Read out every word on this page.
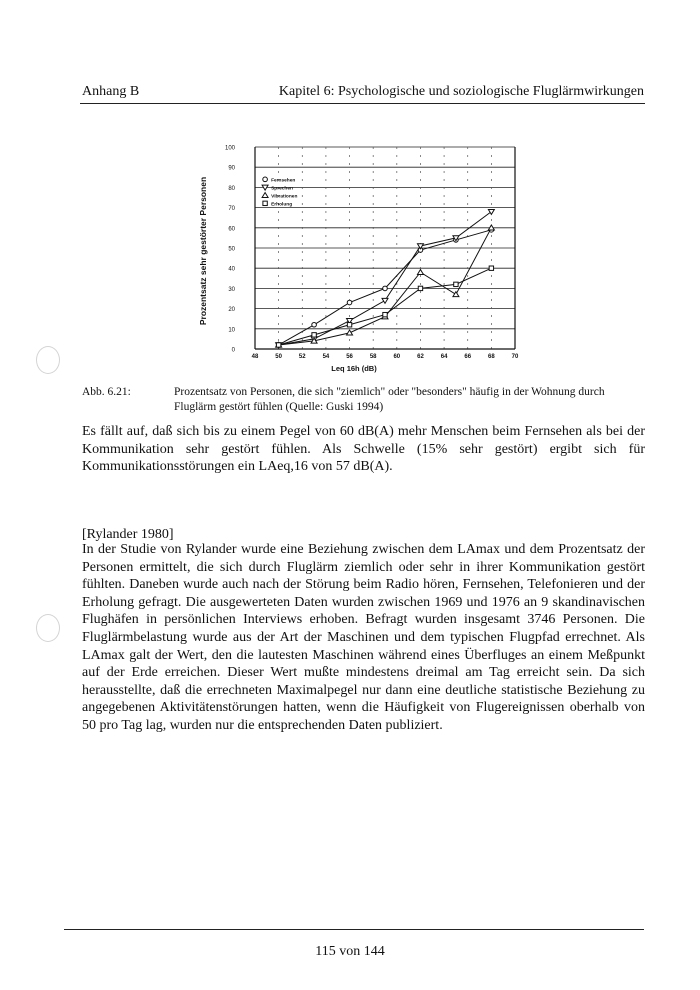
Anhang B	Kapitel 6: Psychologische und soziologische Fluglärmwirkungen
0
10
20
30
40
50
60
70
80
90
100
48	50	52	54	56	58	60	62	64	66	68	70
Prozentsatz sehr gestörter Personen
Leq 16h (dB)
Fernsehen
Sprechen
Vibrationen
Erholung
Abb. 6.21:	Prozentsatz von Personen, die sich "ziemlich" oder "besonders" häufig in der Wohnung durch Fluglärm gestört fühlen (Quelle: Guski 1994)

Es fällt auf, daß sich bis zu einem Pegel von 60 dB(A) mehr Menschen beim Fernsehen als bei der Kommunikation sehr gestört fühlen. Als Schwelle (15% sehr gestört) ergibt sich für Kommunikationsstörungen ein LAeq,16 von 57 dB(A).

[Rylander 1980]

In der Studie von Rylander wurde eine Beziehung zwischen dem LAmax und dem Prozentsatz der Personen ermittelt, die sich durch Fluglärm ziemlich oder sehr in ihrer Kommunikation gestört fühlten. Daneben wurde auch nach der Störung beim Radio hören, Fernsehen, Telefonieren und der Erholung gefragt. Die ausgewerteten Daten wurden zwischen 1969 und 1976 an 9 skandinavischen Flughäfen in persönlichen Interviews erhoben. Befragt wurden insgesamt 3746 Personen. Die Fluglärmbelastung wurde aus der Art der Maschinen und dem typischen Flugpfad errechnet. Als LAmax galt der Wert, den die lautesten Maschinen während eines Überfluges an einem Meßpunkt auf der Erde erreichen. Dieser Wert mußte mindestens dreimal am Tag erreicht sein. Da sich herausstellte, daß die errechneten Maximalpegel nur dann eine deutliche statistische Beziehung zu angegebenen Aktivitätenstörungen hatten, wenn die Häufigkeit von Flugereignissen oberhalb von 50 pro Tag lag, wurden nur die entsprechenden Daten publiziert.

115 von 144
